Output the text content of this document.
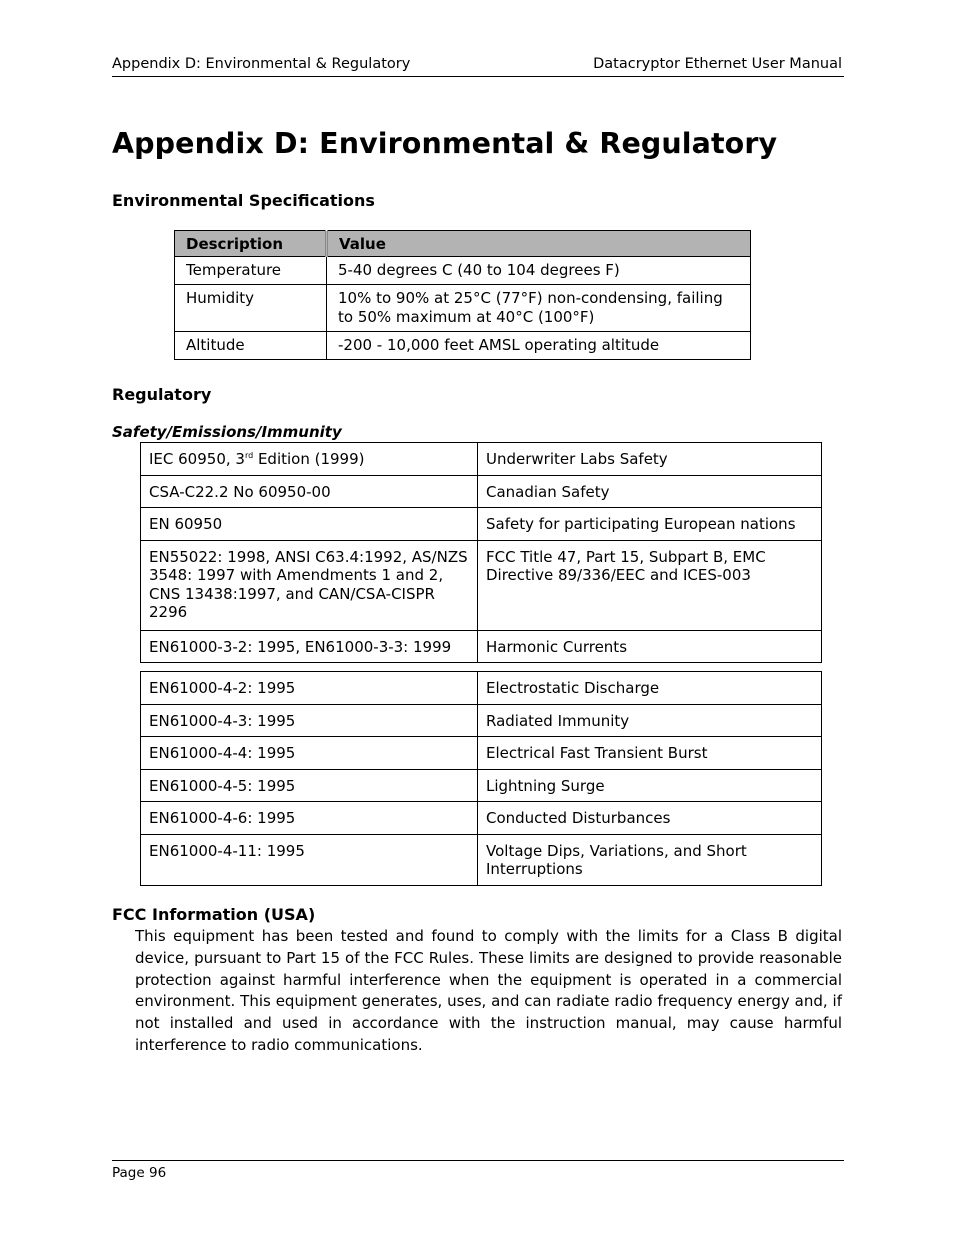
Appendix D: Environmental & Regulatory	Datacryptor Ethernet User Manual
Appendix D: Environmental & Regulatory
Environmental Specifications
Description	Value
Temperature	5-40 degrees C (40 to 104 degrees F)
Humidity	10% to 90% at 25°C (77°F) non-condensing, failing to 50% maximum at 40°C (100°F)
Altitude	-200 - 10,000 feet AMSL operating altitude
Regulatory
Safety/Emissions/Immunity
IEC 60950, 3rd Edition (1999)	Underwriter Labs Safety
CSA-C22.2 No 60950-00	Canadian Safety
EN 60950	Safety for participating European nations
EN55022: 1998, ANSI C63.4:1992, AS/NZS 3548: 1997 with Amendments 1 and 2, CNS 13438:1997, and CAN/CSA-CISPR 2296	FCC Title 47, Part 15, Subpart B, EMC Directive 89/336/EEC and ICES-003
EN61000-3-2: 1995, EN61000-3-3: 1999	Harmonic Currents
EN61000-4-2: 1995	Electrostatic Discharge
EN61000-4-3: 1995	Radiated Immunity
EN61000-4-4: 1995	Electrical Fast Transient Burst
EN61000-4-5: 1995	Lightning Surge
EN61000-4-6: 1995	Conducted Disturbances
EN61000-4-11: 1995	Voltage Dips, Variations, and Short Interruptions
FCC Information (USA)

This equipment has been tested and found to comply with the limits for a Class B digital device, pursuant to Part 15 of the FCC Rules. These limits are designed to provide reasonable protection against harmful interference when the equipment is operated in a commercial environment. This equipment generates, uses, and can radiate radio frequency energy and, if not installed and used in accordance with the instruction manual, may cause harmful interference to radio communications.

Page 96
